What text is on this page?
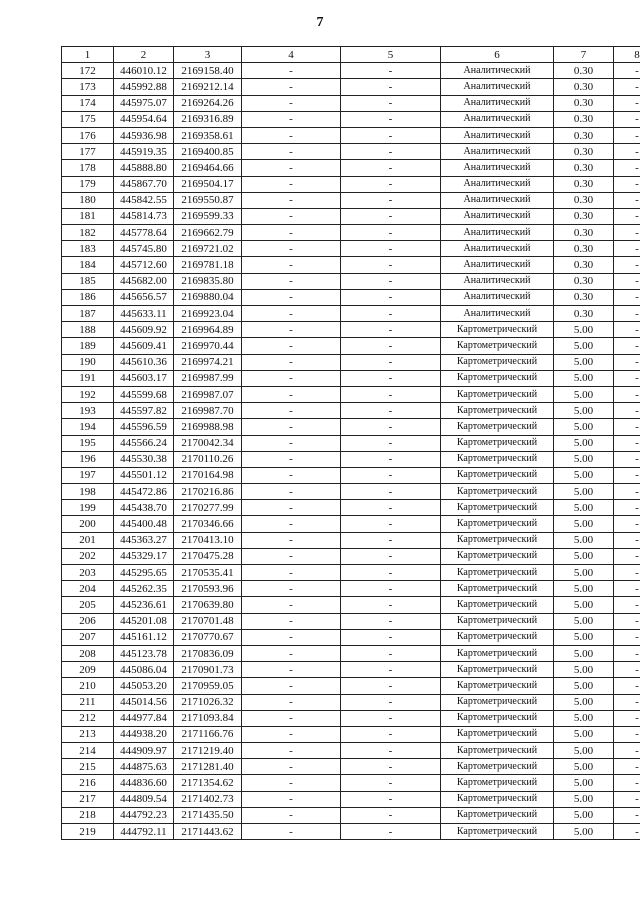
7
1	2	3	4	5	6	7	8
172	446010.12	2169158.40	-	-	Аналитический	0.30	-
173	445992.88	2169212.14	-	-	Аналитический	0.30	-
174	445975.07	2169264.26	-	-	Аналитический	0.30	-
175	445954.64	2169316.89	-	-	Аналитический	0.30	-
176	445936.98	2169358.61	-	-	Аналитический	0.30	-
177	445919.35	2169400.85	-	-	Аналитический	0.30	-
178	445888.80	2169464.66	-	-	Аналитический	0.30	-
179	445867.70	2169504.17	-	-	Аналитический	0.30	-
180	445842.55	2169550.87	-	-	Аналитический	0.30	-
181	445814.73	2169599.33	-	-	Аналитический	0.30	-
182	445778.64	2169662.79	-	-	Аналитический	0.30	-
183	445745.80	2169721.02	-	-	Аналитический	0.30	-
184	445712.60	2169781.18	-	-	Аналитический	0.30	-
185	445682.00	2169835.80	-	-	Аналитический	0.30	-
186	445656.57	2169880.04	-	-	Аналитический	0.30	-
187	445633.11	2169923.04	-	-	Аналитический	0.30	-
188	445609.92	2169964.89	-	-	Картометрический	5.00	-
189	445609.41	2169970.44	-	-	Картометрический	5.00	-
190	445610.36	2169974.21	-	-	Картометрический	5.00	-
191	445603.17	2169987.99	-	-	Картометрический	5.00	-
192	445599.68	2169987.07	-	-	Картометрический	5.00	-
193	445597.82	2169987.70	-	-	Картометрический	5.00	-
194	445596.59	2169988.98	-	-	Картометрический	5.00	-
195	445566.24	2170042.34	-	-	Картометрический	5.00	-
196	445530.38	2170110.26	-	-	Картометрический	5.00	-
197	445501.12	2170164.98	-	-	Картометрический	5.00	-
198	445472.86	2170216.86	-	-	Картометрический	5.00	-
199	445438.70	2170277.99	-	-	Картометрический	5.00	-
200	445400.48	2170346.66	-	-	Картометрический	5.00	-
201	445363.27	2170413.10	-	-	Картометрический	5.00	-
202	445329.17	2170475.28	-	-	Картометрический	5.00	-
203	445295.65	2170535.41	-	-	Картометрический	5.00	-
204	445262.35	2170593.96	-	-	Картометрический	5.00	-
205	445236.61	2170639.80	-	-	Картометрический	5.00	-
206	445201.08	2170701.48	-	-	Картометрический	5.00	-
207	445161.12	2170770.67	-	-	Картометрический	5.00	-
208	445123.78	2170836.09	-	-	Картометрический	5.00	-
209	445086.04	2170901.73	-	-	Картометрический	5.00	-
210	445053.20	2170959.05	-	-	Картометрический	5.00	-
211	445014.56	2171026.32	-	-	Картометрический	5.00	-
212	444977.84	2171093.84	-	-	Картометрический	5.00	-
213	444938.20	2171166.76	-	-	Картометрический	5.00	-
214	444909.97	2171219.40	-	-	Картометрический	5.00	-
215	444875.63	2171281.40	-	-	Картометрический	5.00	-
216	444836.60	2171354.62	-	-	Картометрический	5.00	-
217	444809.54	2171402.73	-	-	Картометрический	5.00	-
218	444792.23	2171435.50	-	-	Картометрический	5.00	-
219	444792.11	2171443.62	-	-	Картометрический	5.00	-
